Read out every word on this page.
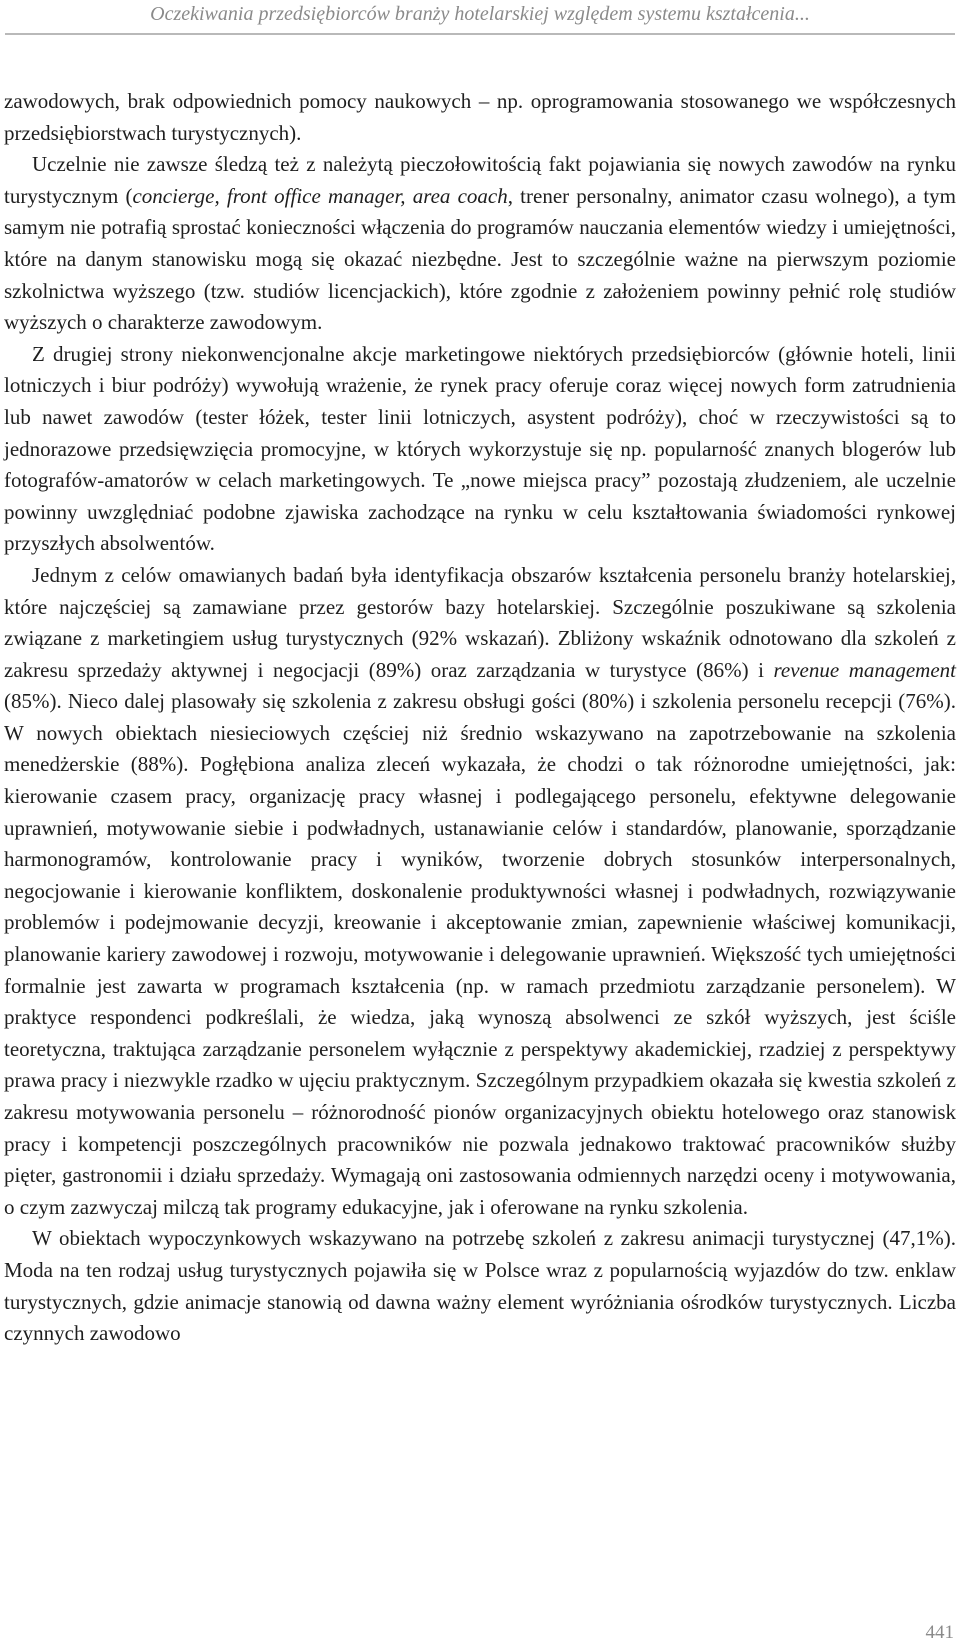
Oczekiwania przedsiębiorców branży hotelarskiej względem systemu kształcenia...

zawodowych, brak odpowiednich pomocy naukowych – np. oprogramowania stosowanego we współczesnych przedsiębiorstwach turystycznych).

Uczelnie nie zawsze śledzą też z należytą pieczołowitością fakt pojawiania się nowych zawodów na rynku turystycznym (concierge, front office manager, area coach, trener personalny, animator czasu wolnego), a tym samym nie potrafią sprostać konieczności włączenia do programów nauczania elementów wiedzy i umiejętności, które na danym stanowisku mogą się okazać niezbędne. Jest to szczególnie ważne na pierwszym poziomie szkolnictwa wyższego (tzw. studiów licencjackich), które zgodnie z założeniem powinny pełnić rolę studiów wyższych o charakterze zawodowym.

Z drugiej strony niekonwencjonalne akcje marketingowe niektórych przedsiębiorców (głównie hoteli, linii lotniczych i biur podróży) wywołują wrażenie, że rynek pracy oferuje coraz więcej nowych form zatrudnienia lub nawet zawodów (tester łóżek, tester linii lotniczych, asystent podróży), choć w rzeczywistości są to jednorazowe przedsięwzięcia promocyjne, w których wykorzystuje się np. popularność znanych blogerów lub fotografów-amatorów w celach marketingowych. Te „nowe miejsca pracy” pozostają złudzeniem, ale uczelnie powinny uwzględniać podobne zjawiska zachodzące na rynku w celu kształtowania świadomości rynkowej przyszłych absolwentów.

Jednym z celów omawianych badań była identyfikacja obszarów kształcenia personelu branży hotelarskiej, które najczęściej są zamawiane przez gestorów bazy hotelarskiej. Szczególnie poszukiwane są szkolenia związane z marketingiem usług turystycznych (92% wskazań). Zbliżony wskaźnik odnotowano dla szkoleń z zakresu sprzedaży aktywnej i negocjacji (89%) oraz zarządzania w turystyce (86%) i revenue management (85%). Nieco dalej plasowały się szkolenia z zakresu obsługi gości (80%) i szkolenia personelu recepcji (76%). W nowych obiektach niesieciowych częściej niż średnio wskazywano na zapotrzebowanie na szkolenia menedżerskie (88%). Pogłębiona analiza zleceń wykazała, że chodzi o tak różnorodne umiejętności, jak: kierowanie czasem pracy, organizację pracy własnej i podlegającego personelu, efektywne delegowanie uprawnień, motywowanie siebie i podwładnych, ustanawianie celów i standardów, planowanie, sporządzanie harmonogramów, kontrolowanie pracy i wyników, tworzenie dobrych stosunków interpersonalnych, negocjowanie i kierowanie konfliktem, doskonalenie produktywności własnej i podwładnych, rozwiązywanie problemów i podejmowanie decyzji, kreowanie i akceptowanie zmian, zapewnienie właściwej komunikacji, planowanie kariery zawodowej i rozwoju, motywowanie i delegowanie uprawnień. Większość tych umiejętności formalnie jest zawarta w programach kształcenia (np. w ramach przedmiotu zarządzanie personelem). W praktyce respondenci podkreślali, że wiedza, jaką wynoszą absolwenci ze szkół wyższych, jest ściśle teoretyczna, traktująca zarządzanie personelem wyłącznie z perspektywy akademickiej, rzadziej z perspektywy prawa pracy i niezwykle rzadko w ujęciu praktycznym. Szczególnym przypadkiem okazała się kwestia szkoleń z zakresu motywowania personelu – różnorodność pionów organizacyjnych obiektu hotelowego oraz stanowisk pracy i kompetencji poszczególnych pracowników nie pozwala jednakowo traktować pracowników służby pięter, gastronomii i działu sprzedaży. Wymagają oni zastosowania odmiennych narzędzi oceny i motywowania, o czym zazwyczaj milczą tak programy edukacyjne, jak i oferowane na rynku szkolenia.

W obiektach wypoczynkowych wskazywano na potrzebę szkoleń z zakresu animacji turystycznej (47,1%). Moda na ten rodzaj usług turystycznych pojawiła się w Polsce wraz z popularnością wyjazdów do tzw. enklaw turystycznych, gdzie animacje stanowią od dawna ważny element wyróżniania ośrodków turystycznych. Liczba czynnych zawodowo

441
